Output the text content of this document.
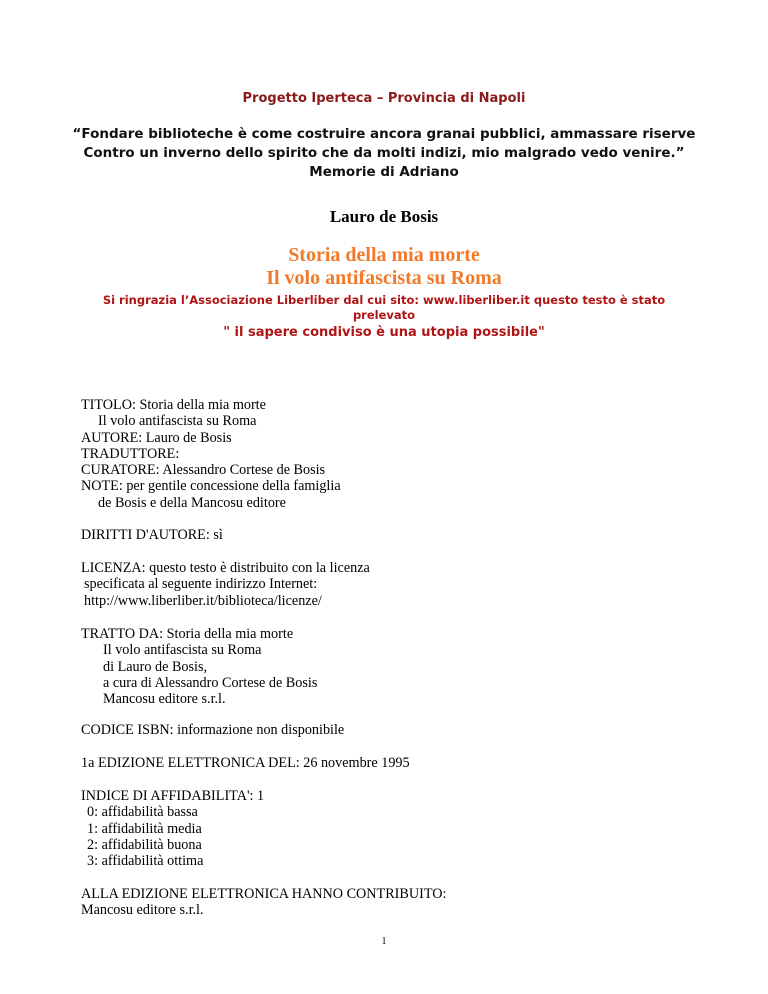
Progetto Iperteca – Provincia di Napoli
“Fondare biblioteche è come costruire ancora granai pubblici, ammassare riserve
Contro un inverno dello spirito che da molti indizi, mio malgrado vedo venire.”
Memorie di Adriano
Lauro de Bosis
Storia della mia morte
Il volo antifascista su Roma
Si ringrazia l’Associazione Liberliber dal cui sito: www.liberliber.it questo testo è stato
prelevato
" il sapere condiviso è una utopia possibile"
TITOLO: Storia della mia morte
Il volo antifascista su Roma
AUTORE: Lauro de Bosis
TRADUTTORE:
CURATORE: Alessandro Cortese de Bosis
NOTE: per gentile concessione della famiglia
de Bosis e della Mancosu editore
DIRITTI D'AUTORE: sì
LICENZA: questo testo è distribuito con la licenza
specificata al seguente indirizzo Internet:
http://www.liberliber.it/biblioteca/licenze/
TRATTO DA: Storia della mia morte
Il volo antifascista su Roma
di Lauro de Bosis,
a cura di Alessandro Cortese de Bosis
Mancosu editore s.r.l.
CODICE ISBN: informazione non disponibile
1a EDIZIONE ELETTRONICA DEL: 26 novembre 1995
INDICE DI AFFIDABILITA': 1
0: affidabilità bassa
1: affidabilità media
2: affidabilità buona
3: affidabilità ottima
ALLA EDIZIONE ELETTRONICA HANNO CONTRIBUITO:
Mancosu editore s.r.l.
1
